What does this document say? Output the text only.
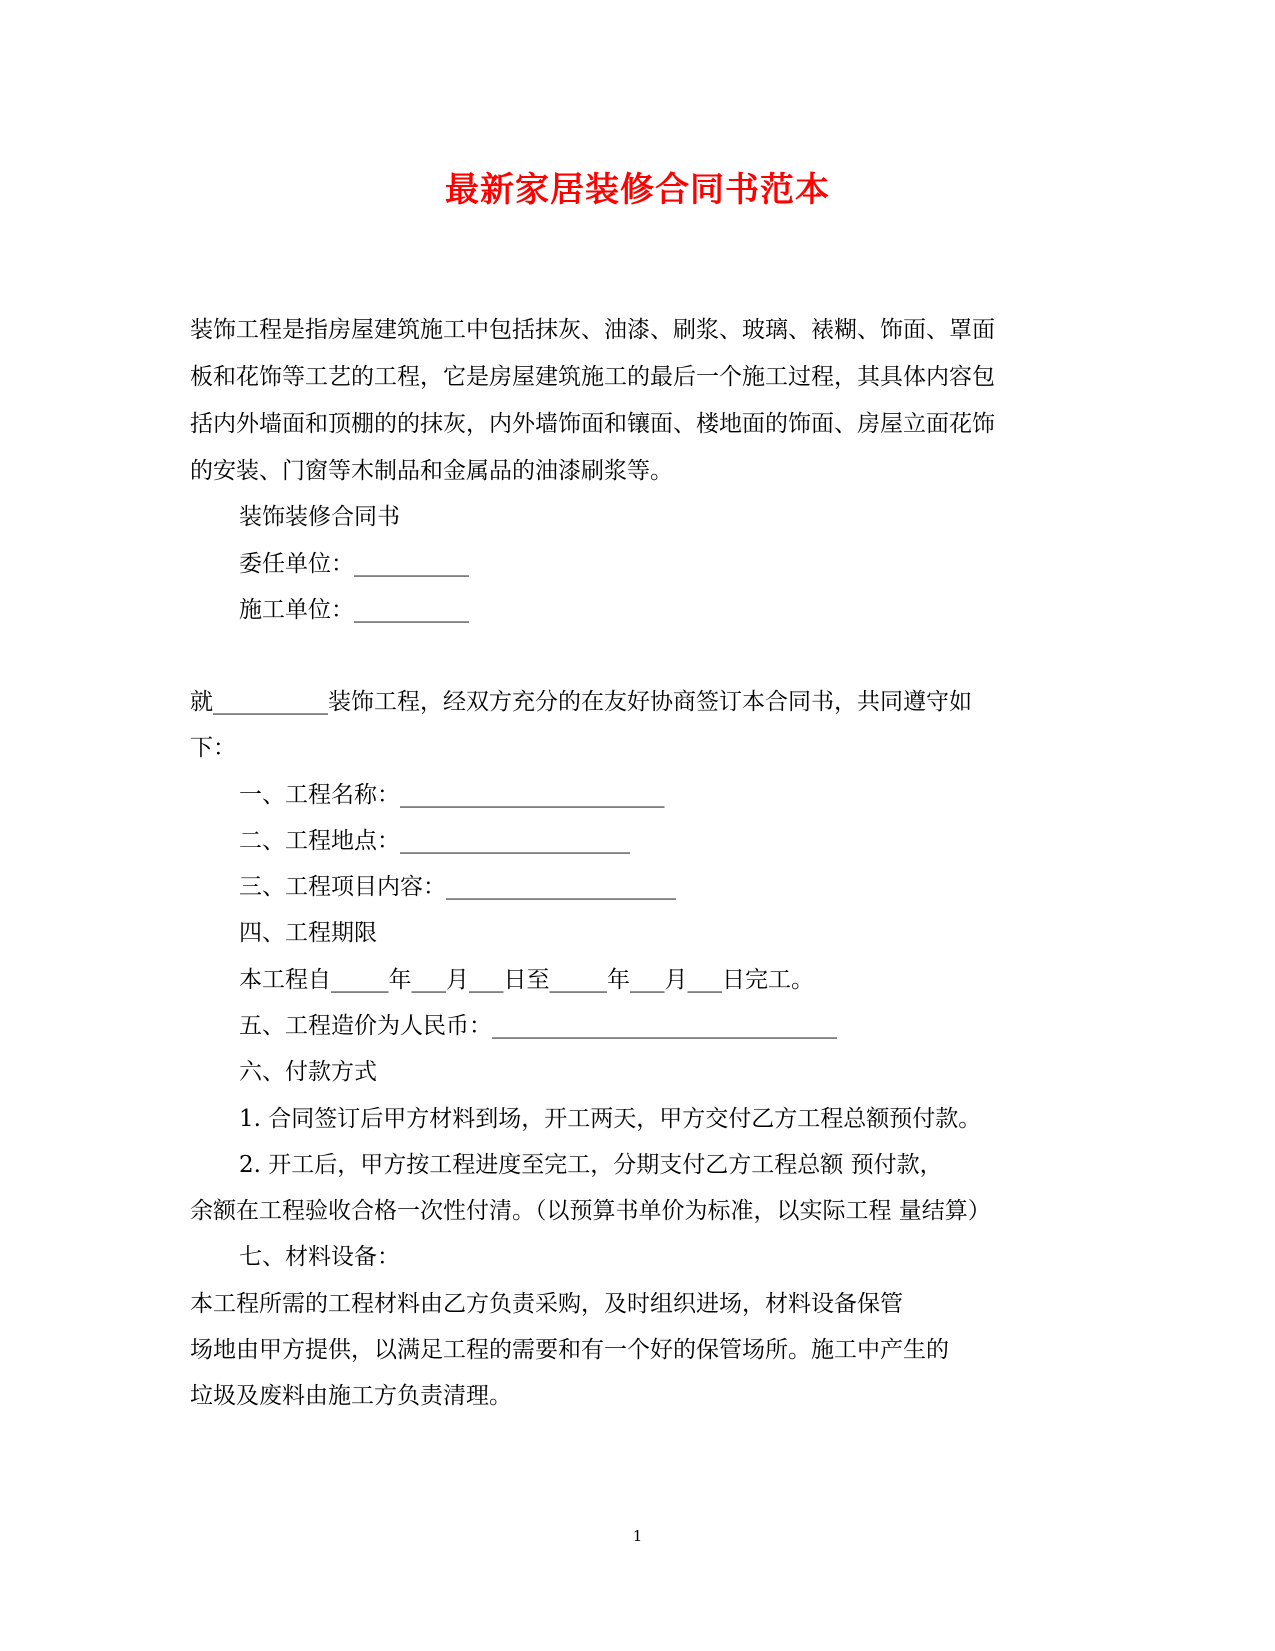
最新家居装修合同书范本
装饰工程是指房屋建筑施工中包括抹灰、油漆、刷浆、玻璃、裱糊、饰面、罩面
板和花饰等工艺的工程，它是房屋建筑施工的最后一个施工过程，其具体内容包
括内外墙面和顶棚的的抹灰，内外墙饰面和镶面、楼地面的饰面、房屋立面花饰
的安装、门窗等木制品和金属品的油漆刷浆等。
装饰装修合同书
委任单位：__________
施工单位：__________
就__________装饰工程，经双方充分的在友好协商签订本合同书，共同遵守如
下：
一、工程名称：_______________________
二、工程地点：____________________
三、工程项目内容：____________________
四、工程期限
本工程自_____年___月___日至_____年___月___日完工。
五、工程造价为人民币：______________________________
六、付款方式
1. 合同签订后甲方材料到场，开工两天，甲方交付乙方工程总额预付款。
2. 开工后，甲方按工程进度至完工，分期支付乙方工程总额 预付款，
余额在工程验收合格一次性付清。（以预算书单价为标准，以实际工程 量结算）
七、材料设备：
本工程所需的工程材料由乙方负责采购，及时组织进场，材料设备保管
场地由甲方提供，以满足工程的需要和有一个好的保管场所。施工中产生的
垃圾及废料由施工方负责清理。
1
